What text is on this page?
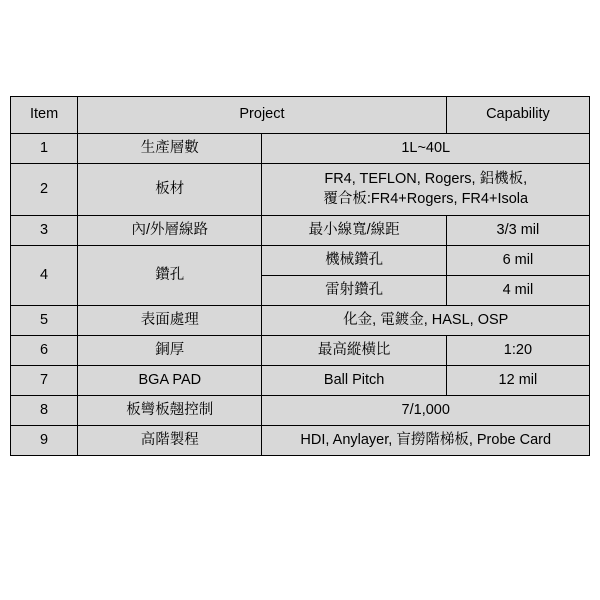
Item	Project		Capability
1	生產層數	1L~40L	
2	板材	FR4, TEFLON, Rogers, 鋁機板,
覆合板:FR4+Rogers, FR4+Isola	

3	內/外層線路	最小線寬/線距	3/3 mil
4	鑽孔	機械鑽孔	6 mil
		雷射鑽孔	4 mil
5	表面處理	化金, 電鍍金, HASL, OSP	
6	銅厚	最高縱橫比	1:20
7	BGA PAD	Ball Pitch	12 mil
8	板彎板翹控制	7/1,000	
9	高階製程	HDI, Anylayer, 盲撈階梯板, Probe Card	
